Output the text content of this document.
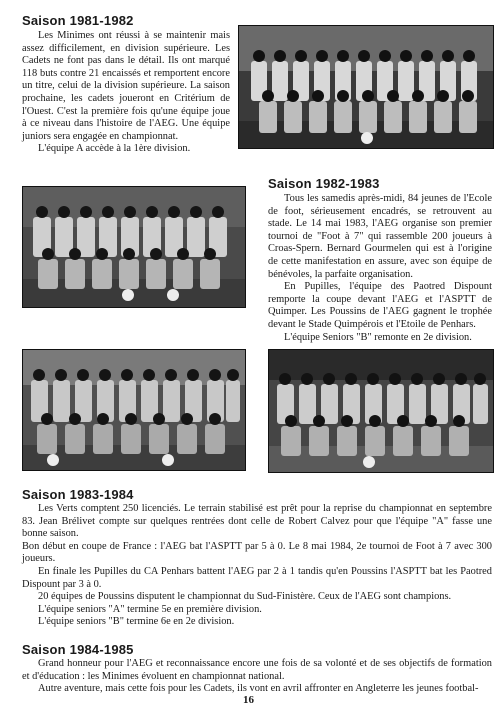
Saison 1981-1982

Les Minimes ont réussi à se maintenir mais assez difficilement, en division supérieure. Les Cadets ne font pas dans le détail. Ils ont marqué 118 buts contre 21 encaissés et remportent encore un titre, celui de la division supérieure. La saison prochaine, les cadets joueront en Critérium de l'Ouest. C'est la première fois qu'une équipe joue à ce niveau dans l'histoire de l'AEG. Une équipe juniors sera engagée en championnat.

L'équipe A accède à la 1ère division.

Saison 1982-1983

Tous les samedis après-midi, 84 jeunes de l'Ecole de foot, sérieusement encadrés, se retrouvent au stade. Le 14 mai 1983, l'AEG organise son premier tournoi de "Foot à 7" qui rassemble 200 joueurs à Croas-Spern. Bernard Gourmelen qui est à l'origine de cette manifestation en assure, avec son équipe de bénévoles, la parfaite organisation.

En Pupilles, l'équipe des Paotred Dispount remporte la coupe devant l'AEG et l'ASPTT de Quimper. Les Poussins de l'AEG gagnent le trophée devant le Stade Quimpérois et l'Etoile de Penhars.

L'équipe Seniors "B" remonte en 2e division.

Saison 1983-1984

Les Verts comptent 250 licenciés. Le terrain stabilisé est prêt pour la reprise du championnat en septembre 83. Jean Brélivet compte sur quelques rentrées dont celle de Robert Calvez pour que l'équipe "A" fasse une bonne saison.

Bon début en coupe de France : l'AEG bat l'ASPTT par 5 à 0. Le 8 mai 1984, 2e tournoi de Foot à 7 avec 300 joueurs.

En finale les Pupilles du CA Penhars battent l'AEG par 2 à 1 tandis qu'en Poussins l'ASPTT bat les Paotred Dispount par 3 à 0.

20 équipes de Poussins disputent le championnat du Sud-Finistère. Ceux de l'AEG sont champions.

L'équipe seniors "A" termine 5e en première division.

L'équipe seniors "B" termine 6e en 2e division.

Saison 1984-1985

Grand honneur pour l'AEG et reconnaissance encore une fois de sa volonté et de ses objectifs de formation et d'éducation : les Minimes évoluent en championnat national.

Autre aventure, mais cette fois pour les Cadets, ils vont en avril affronter en Angleterre les jeunes footbal-

16
